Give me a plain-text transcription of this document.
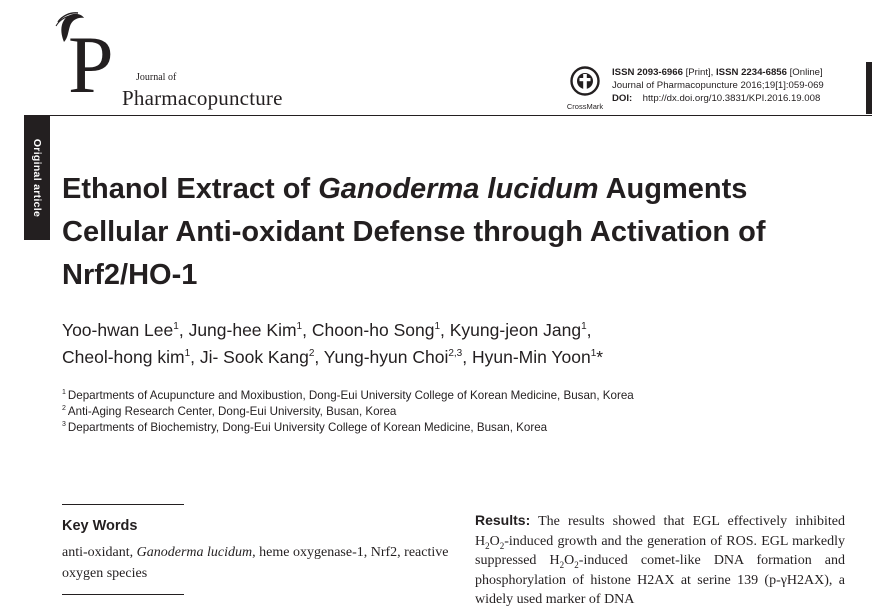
P Journal of
Pharmacopuncture	CrossMark
ISSN 2093-6966 [Print], ISSN 2234-6856 [Online]
Journal of Pharmacopuncture 2016;19[1]:059-069
DOI: http://dx.doi.org/10.3831/KPI.2016.19.008
Original article Ethanol Extract of Ganoderma lucidum Augments Cellular Anti-oxidant Defense through Activation of Nrf2/HO-1
Yoo-hwan Lee$^1$, Jung-hee Kim$^1$, Choon-ho Song$^1$, Kyung-jeon Jang$^1$,
Cheol-hong kim$^1$, Ji- Sook Kang$^2$, Yung-hyun Choi$^{2,3}$, Hyun-Min Yoon$^1$*
$^1$ Departments of Acupuncture and Moxibustion, Dong-Eui University College of Korean Medicine, Busan, Korea
$^2$ Anti-Aging Research Center, Dong-Eui University, Busan, Korea
$^3$ Departments of Biochemistry, Dong-Eui University College of Korean Medicine, Busan, Korea
Key Words
anti-oxidant, Ganoderma lucidum, heme oxygenase-1, Nrf2, reactive oxygen species
Results: The results showed that EGL effectively inhibited $H_2O_2$-induced growth and the generation of ROS. EGL markedly suppressed $H_2O_2$-induced comet-like DNA formation and phosphorylation of histone H2AX at serine 139 (p-γH2AX), a widely used marker of DNA
